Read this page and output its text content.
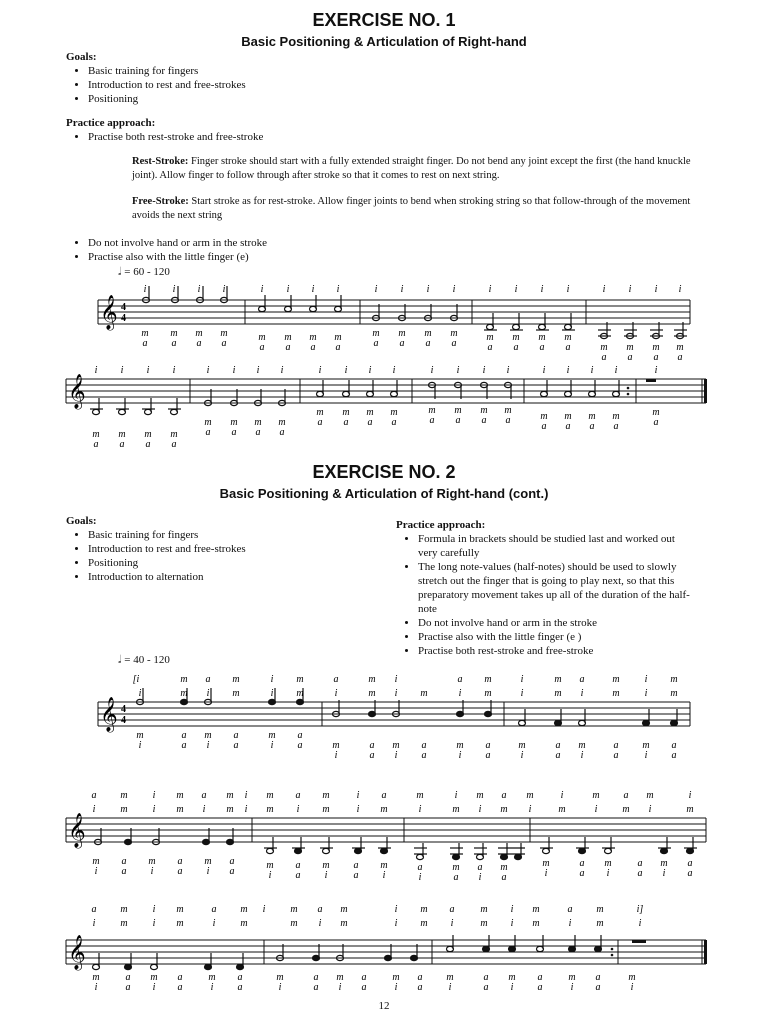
EXERCISE NO. 1
Basic Positioning & Articulation of Right-hand
Goals:
• Basic training for fingers
• Introduction to rest and free-strokes
• Positioning
Practice approach:
• Practise both rest-stroke and free-stroke
Rest-Stroke: Finger stroke should start with a fully extended straight finger. Do not bend any joint except the first (the hand knuckle joint). Allow finger to follow through after stroke so that it comes to rest on next string.
Free-Stroke: Start stroke as for rest-stroke. Allow finger joints to bend when stroking string so that follow-through of the movement avoids the next string
• Do not involve hand or arm in the stroke
• Practise also with the little finger (e)
𝅗𝅥 = 60 - 120
𝄞 4
4
i	i i i	i i i i	i i i i	i i i i	i i i i
m m m m
a a a a
m m m m
a a a a
m m m m
a a a a
m m m m
a a a a	m m m m
a a a a
𝄞
i i i i	i i i i	i i i i	i i i i	i i i i	i
m m m m
a a a a
m m m m
a a a a
m m m m
a a a a
m m m m
a a a a	m m m m
a a a a
m
a
EXERCISE NO. 2
Basic Positioning & Articulation of Right-hand (cont.)
Goals:
• Basic training for fingers
• Introduction to rest and free-strokes
• Positioning
• Introduction to alternation
Practice approach:
• Formula in brackets should be studied last and worked out very carefully
• The long note-values (half-notes) should be used to slowly stretch out the finger that is going to play next, so that this preparatory movement takes up all of the duration of the half-note
• Do not involve hand or arm in the stroke
• Practise also with the little finger (e )
• Practise both rest-stroke and free-stroke
𝅗𝅥 = 40 - 120
𝄞 4
4
[i	m a m	i m	a	m i	a m	i	m a	m i m
i	m i m	i m	i	m i m	i m	i	m i	m i m
m	a m a	m a
m	a m a	m a	m	a m	a m a
i	a i a	i a
i	a i a	i a	i	a i	a	i a
𝄞
a m i m a m i m a m	i a	m	i m a m	i	m a m	i
i m i m i m i m i m	i m	i	m i m i	m	i m i	m
m a m a m a
i a i a i a
m a m a m
i a i	a i
a	m a m
i	a i a
m	a m	a m a
i	a i	a i a
𝄞
a m i m	a m i m a m	i m a	m i m	a m	i]
i m i m	i m	m i m	i m i	m i m	i m	i
m	a m a	m a
i	a i a	i a
m	a m a	m a
i	a i a	i a
m	a m a	m a	m
i	a i a	i a	i
12
